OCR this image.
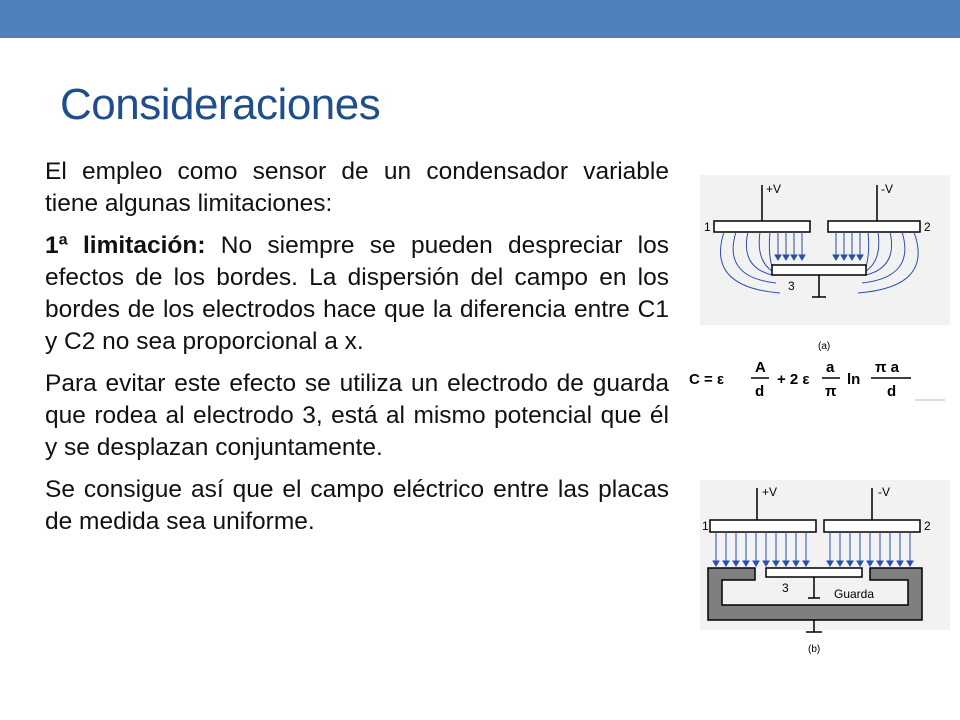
Consideraciones

El empleo como sensor de un condensador variable tiene algunas limitaciones:

1ª limitación: No siempre se pueden despreciar los efectos de los bordes. La dispersión del campo en los bordes de los electrodos hace que la diferencia entre C1 y C2 no sea proporcional a x.

Para evitar este efecto se utiliza un electrodo de guarda que rodea al electrodo 3, está al mismo potencial que él y se desplazan conjuntamente.

Se consigue así que el campo eléctrico entre las placas de medida sea uniforme.

+V	-V
1	2
3
(a)
C = ε
A
d
+ 2 ε
a
π
ln
π a
d
+V	-V
1	2
3	Guarda
(b)
